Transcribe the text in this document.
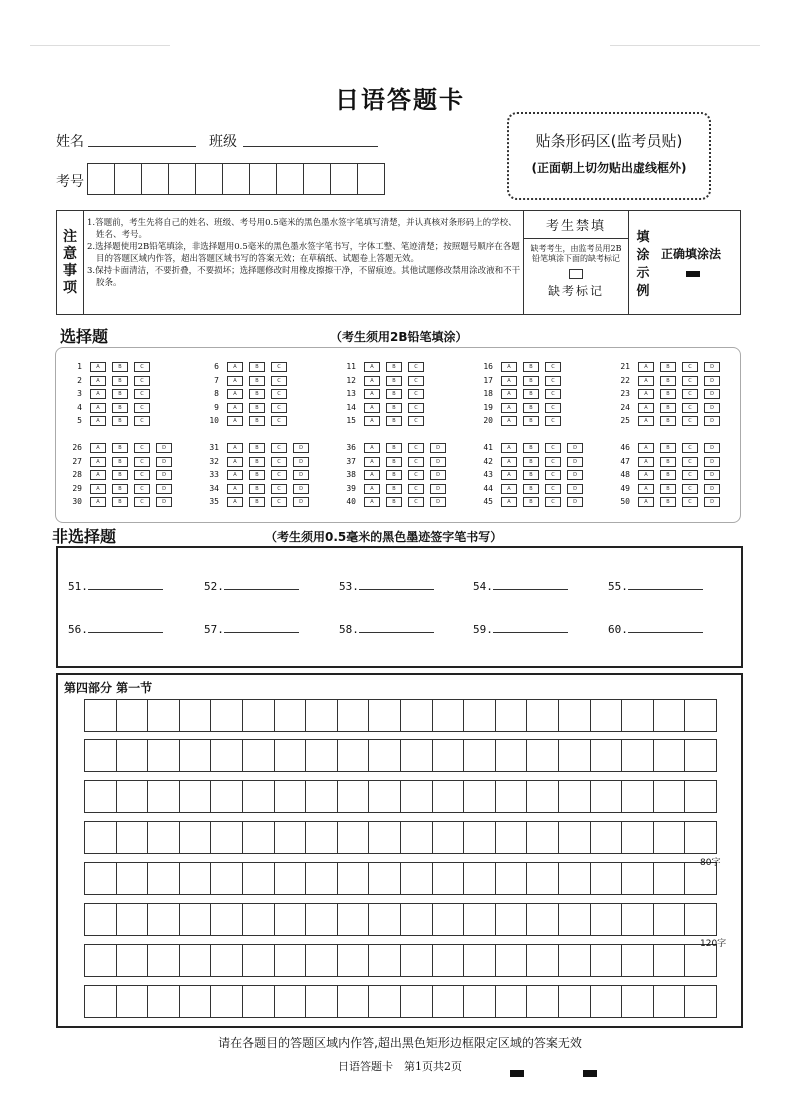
日语答题卡
姓名	班级
考号
贴条形码区(监考员贴)
(正面朝上切勿贴出虚线框外)
注
意
事
项
1.答题前，考生先将自己的姓名、班级、考号用0.5毫米的黑色墨水签字笔填写清楚，并认真核对条形码上的学校、姓名、考号。
2.选择题使用2B铅笔填涂，非选择题用0.5毫米的黑色墨水签字笔书写，字体工整、笔迹清楚；按照题号顺序在各题目的答题区域内作答，超出答题区域书写的答案无效；在草稿纸、试题卷上答题无效。
3.保持卡面清洁，不要折叠，不要损坏；选择题修改时用橡皮擦擦干净，不留痕迹。其他试题修改禁用涂改液和不干胶条。
考生禁填
缺考考生，由监考员用2B铅笔填涂下面的缺考标记
缺考标记
填
涂
示
例
正确填涂法
选择题	（考生须用2B铅笔填涂）
1	A	B	C
2	A	B	C
3	A	B	C
4	A	B	C
5	A	B	C
6	A	B	C
7	A	B	C
8	A	B	C
9	A	B	C
10	A	B	C
11	A	B	C
12	A	B	C
13	A	B	C
14	A	B	C
15	A	B	C
16	A	B	C
17	A	B	C
18	A	B	C
19	A	B	C
20	A	B	C
21	A	B	C	D
22	A	B	C	D
23	A	B	C	D
24	A	B	C	D
25	A	B	C	D
26	A	B	C	D
27	A	B	C	D
28	A	B	C	D
29	A	B	C	D
30	A	B	C	D
31	A	B	C	D
32	A	B	C	D
33	A	B	C	D
34	A	B	C	D
35	A	B	C	D
36	A	B	C	D
37	A	B	C	D
38	A	B	C	D
39	A	B	C	D
40	A	B	C	D
41	A	B	C	D
42	A	B	C	D
43	A	B	C	D
44	A	B	C	D
45	A	B	C	D
46	A	B	C	D
47	A	B	C	D
48	A	B	C	D
49	A	B	C	D
50	A	B	C	D
非选择题	（考生须用0.5毫米的黑色墨迹签字笔书写）
51.	52.	53.	54.	55.
56.	57.	58.	59.	60.
第四部分 第一节
80字
120字
请在各题目的答题区域内作答,超出黑色矩形边框限定区域的答案无效
日语答题卡　第1页共2页
